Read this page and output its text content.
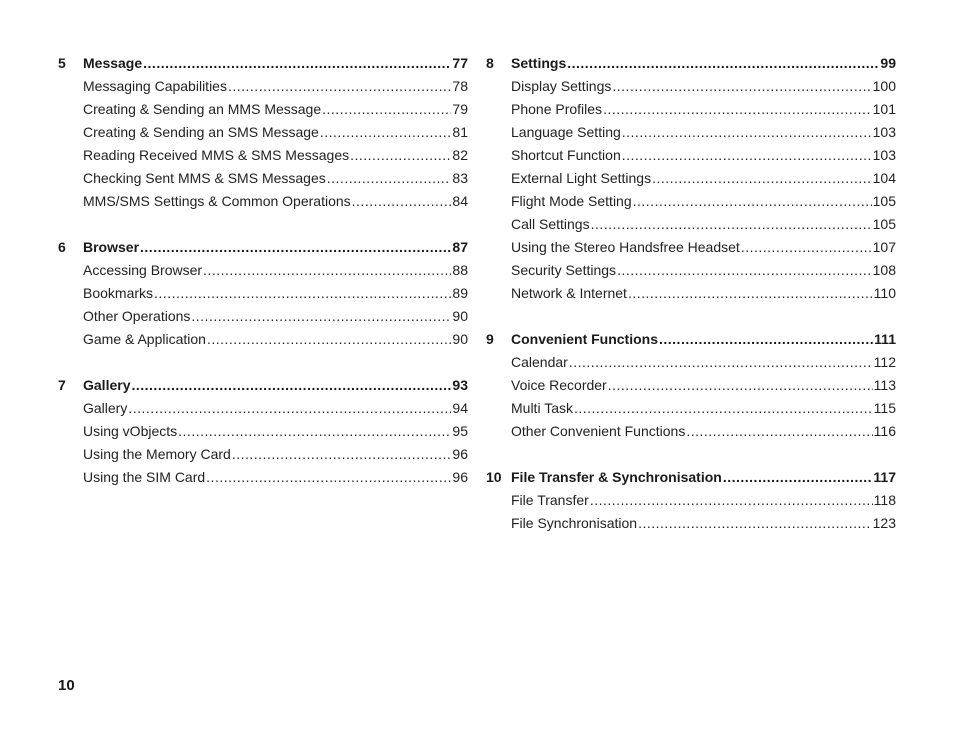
5	Message .....	77
Messaging Capabilities .....	78
Creating & Sending an MMS Message .....	79
Creating & Sending an SMS Message .....	81
Reading Received MMS & SMS Messages .....	82
Checking Sent MMS & SMS Messages .....	83
MMS/SMS Settings & Common Operations .....	84
6	Browser .....	87
Accessing Browser .....	88
Bookmarks .....	89
Other Operations .....	90
Game & Application .....	90
7	Gallery .....	93
Gallery .....	94
Using vObjects .....	95
Using the Memory Card .....	96
Using the SIM Card .....	96
8	Settings .....	99
Display Settings .....	100
Phone Profiles .....	101
Language Setting .....	103
Shortcut Function .....	103
External Light Settings .....	104
Flight Mode Setting .....	105
Call Settings .....	105
Using the Stereo Handsfree Headset .....	107
Security Settings .....	108
Network & Internet .....	110
9	Convenient Functions .....	111
Calendar .....	112
Voice Recorder .....	113
Multi Task .....	115
Other Convenient Functions .....	116
10 File Transfer & Synchronisation .....	117
File Transfer .....	118
File Synchronisation .....	123
10
